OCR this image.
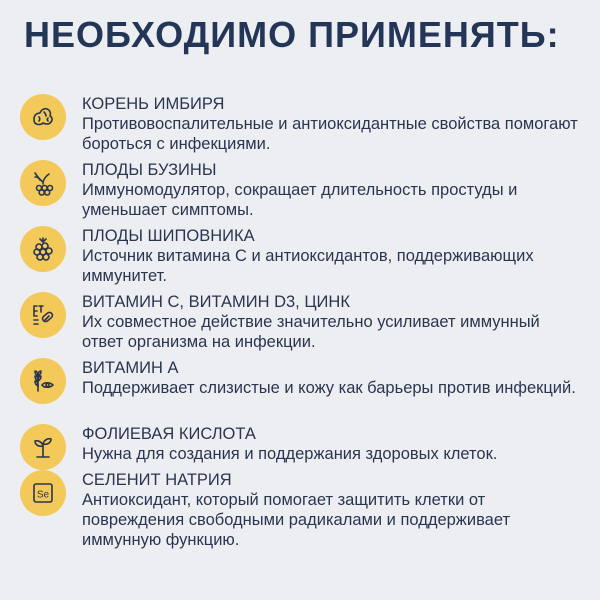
НЕОБХОДИМО ПРИМЕНЯТЬ:
КОРЕНЬ ИМБИРЯ
Противовоспалительные и антиоксидантные свойства помогают бороться с инфекциями.
ПЛОДЫ БУЗИНЫ
Иммуномодулятор, сокращает длительность простуды и уменьшает симптомы.
ПЛОДЫ ШИПОВНИКА
Источник витамина С и антиоксидантов, поддерживающих иммунитет.
ВИТАМИН С, ВИТАМИН D3, ЦИНК
Их совместное действие значительно усиливает иммунный ответ организма на инфекции.
ВИТАМИН А
Поддерживает слизистые и кожу как барьеры против инфекций.
ФОЛИЕВАЯ КИСЛОТА
Нужна для создания и поддержания здоровых клеток.
Se
СЕЛЕНИТ НАТРИЯ
Антиоксидант, который помогает защитить клетки от повреждения свободными радикалами и поддерживает иммунную функцию.
